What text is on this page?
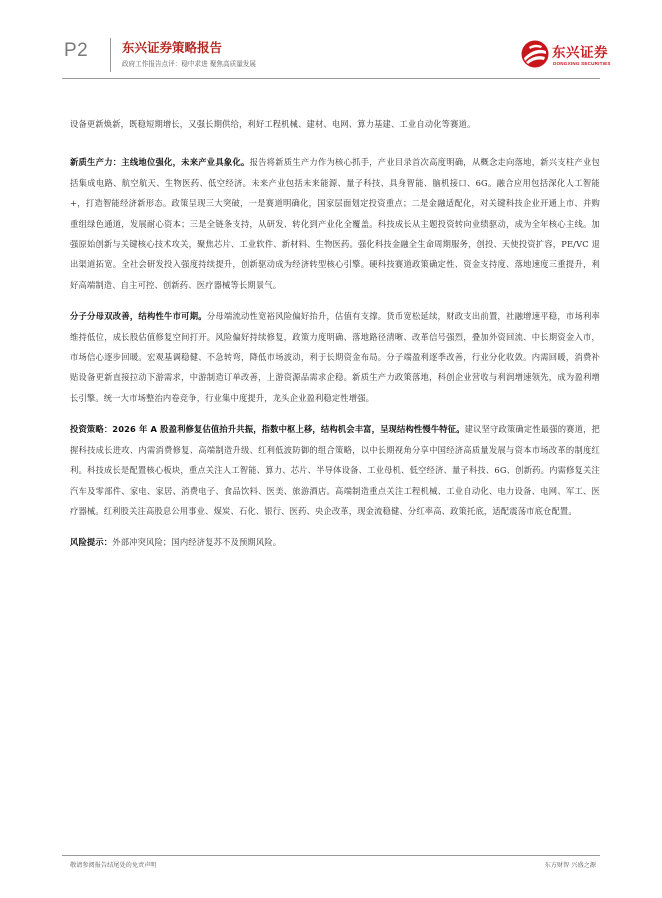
P2	东兴证券策略报告
政府工作报告点评：稳中求进 聚焦高质量发展
东兴证券
DONGXING SECURITIES

设备更新焕新，既稳短期增长，又强长期供给，利好工程机械、建材、电网、算力基建、工业自动化等赛道。

新质生产力：主线地位强化，未来产业具象化。报告将新质生产力作为核心抓手，产业目录首次高度明确，从概念走向落地，新兴支柱产业包括集成电路、航空航天、生物医药、低空经济。未来产业包括未来能源、量子科技、具身智能、脑机接口、6G。融合应用包括深化人工智能+，打造智能经济新形态。政策呈现三大突破，一是赛道明确化，国家层面划定投资重点；二是金融适配化，对关键科技企业开通上市、并购重组绿色通道，发展耐心资本；三是全链条支持，从研发、转化到产业化全覆盖。科技成长从主题投资转向业绩驱动，成为全年核心主线。加强原始创新与关键核心技术攻关，聚焦芯片、工业软件、新材料、生物医药。强化科技金融全生命周期服务，创投、天使投资扩容，PE/VC 退出渠道拓宽。全社会研发投入强度持续提升，创新驱动成为经济转型核心引擎。硬科技赛道政策确定性、资金支持度、落地速度三重提升，利好高端制造、自主可控、创新药、医疗器械等长期景气。

分子分母双改善，结构性牛市可期。分母端流动性宽裕风险偏好抬升，估值有支撑。货币宽松延续，财政支出前置，社融增速平稳，市场利率维持低位，成长股估值修复空间打开。风险偏好持续修复，政策力度明确、落地路径清晰、改革信号强烈，叠加外资回流、中长期资金入市，市场信心逐步回暖。宏观基调稳健、不急转弯，降低市场波动，利于长期资金布局。分子端盈利逐季改善，行业分化收敛。内需回暖，消费补贴设备更新直接拉动下游需求，中游制造订单改善，上游资源品需求企稳。新质生产力政策落地，科创企业营收与利润增速领先，成为盈利增长引擎。统一大市场整治内卷竞争，行业集中度提升，龙头企业盈利稳定性增强。

投资策略：2026 年 A 股盈利修复估值抬升共振，指数中枢上移，结构机会丰富，呈现结构性慢牛特征。建议坚守政策确定性最强的赛道，把握科技成长进攻、内需消费修复、高端制造升级、红利低波防御的组合策略，以中长期视角分享中国经济高质量发展与资本市场改革的制度红利。科技成长是配置核心板块，重点关注人工智能、算力、芯片、半导体设备、工业母机、低空经济、量子科技、6G、创新药。内需修复关注汽车及零部件、家电、家居、消费电子、食品饮料、医美、旅游酒店。高端制造重点关注工程机械、工业自动化、电力设备、电网、军工、医疗器械。红利股关注高股息公用事业、煤炭、石化、银行、医药、央企改革，现金流稳健、分红率高、政策托底，适配震荡市底仓配置。

风险提示：外部冲突风险；国内经济复苏不及预期风险。

敬请参阅报告结尾处的免责声明	东方财智 兴盛之源
